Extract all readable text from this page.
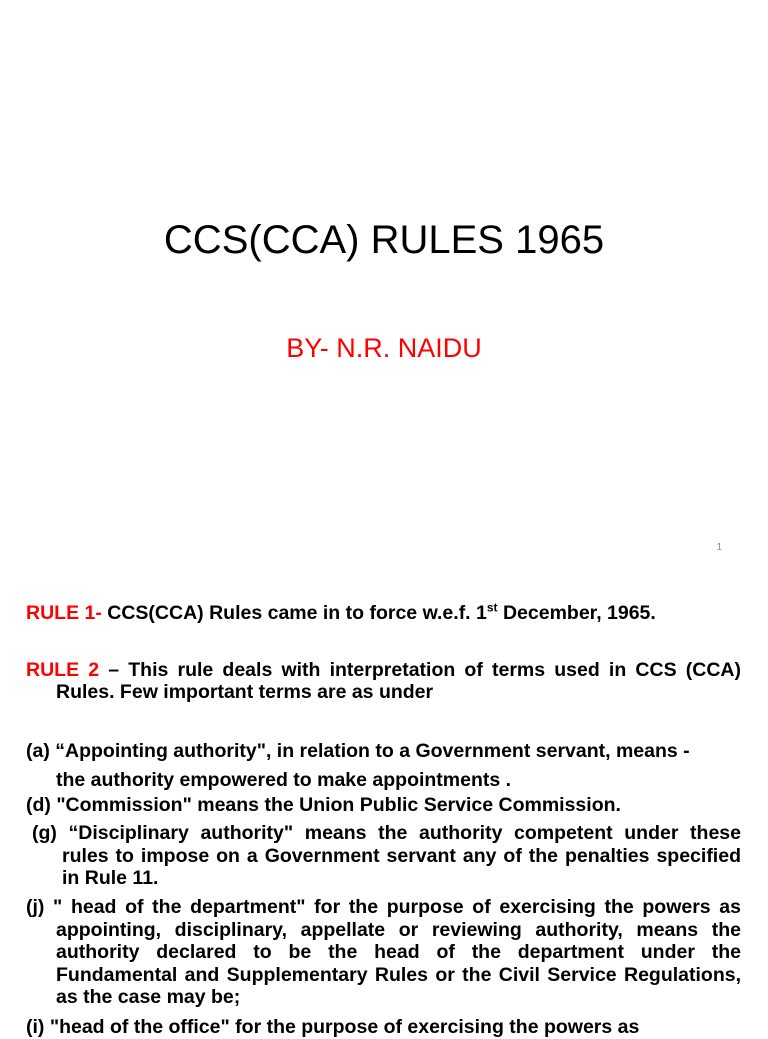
CCS(CCA) RULES 1965
BY- N.R. NAIDU
1
RULE 1- CCS(CCA) Rules came in to force w.e.f. 1st December, 1965.
RULE 2 – This rule deals with interpretation of terms used in CCS (CCA) Rules. Few important terms are as under
(a) “Appointing authority", in relation to a Government servant, means -
the authority empowered to make appointments .
(d) "Commission" means the Union Public Service Commission.
(g) “Disciplinary authority" means the authority competent under these rules to impose on a Government servant any of the penalties specified in Rule 11.
(j) " head of the department" for the purpose of exercising the powers as appointing, disciplinary, appellate or reviewing authority, means the authority declared to be the head of the department under the Fundamental and Supplementary Rules or the Civil Service Regulations, as the case may be;
(i) "head of the office" for the purpose of exercising the powers as
